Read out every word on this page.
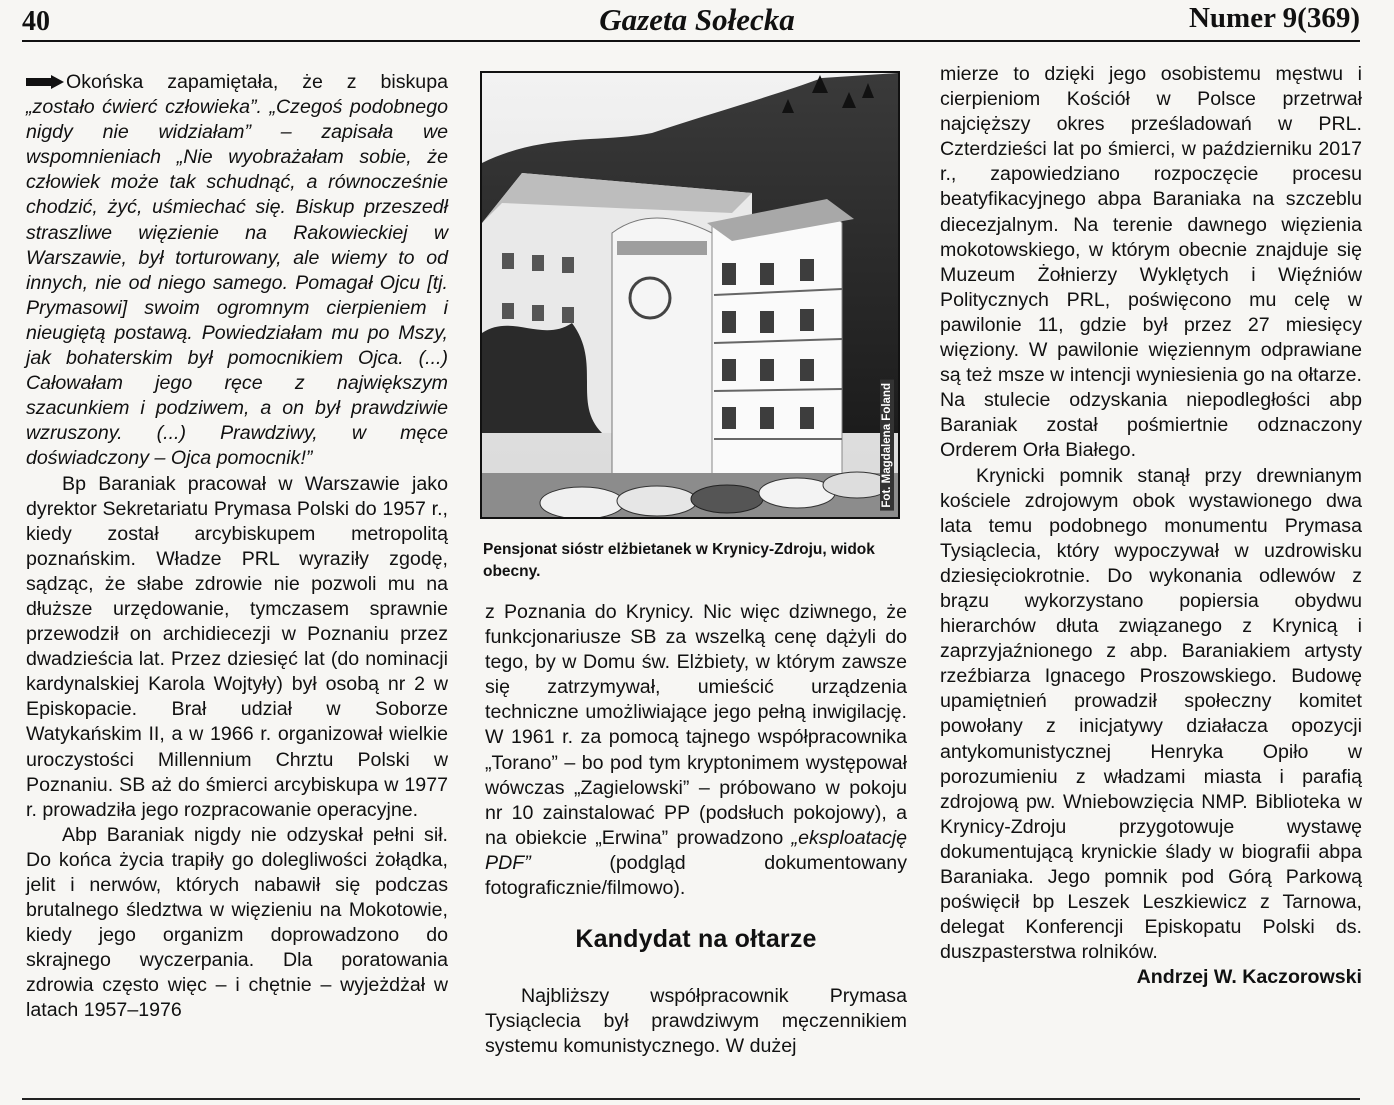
40	Gazeta Sołecka	Numer 9(369)

Okońska zapamiętała, że z biskupa „zostało ćwierć człowieka”. „Czegoś podobnego nigdy nie widziałam” – zapisała we wspomnieniach „Nie wyobrażałam sobie, że człowiek może tak schudnąć, a równocześnie chodzić, żyć, uśmiechać się. Biskup przeszedł straszliwe więzienie na Rakowieckiej w Warszawie, był torturowany, ale wiemy to od innych, nie od niego samego. Pomagał Ojcu [tj. Prymasowi] swoim ogromnym cierpieniem i nieugiętą postawą. Powiedziałam mu po Mszy, jak bohaterskim był pomocnikiem Ojca. (...) Całowałam jego ręce z największym szacunkiem i podziwem, a on był prawdziwie wzruszony. (...) Prawdziwy, w męce doświadczony – Ojca pomocnik!”

Bp Baraniak pracował w Warszawie jako dyrektor Sekretariatu Prymasa Polski do 1957 r., kiedy został arcybiskupem metropolitą poznańskim. Władze PRL wyraziły zgodę, sądząc, że słabe zdrowie nie pozwoli mu na dłuższe urzędowanie, tymczasem sprawnie przewodził on archidiecezji w Poznaniu przez dwadzieścia lat. Przez dziesięć lat (do nominacji kardynalskiej Karola Wojtyły) był osobą nr 2 w Episkopacie. Brał udział w Soborze Watykańskim II, a w 1966 r. organizował wielkie uroczystości Millennium Chrztu Polski w Poznaniu. SB aż do śmierci arcybiskupa w 1977 r. prowadziła jego rozpracowanie operacyjne.

Abp Baraniak nigdy nie odzyskał pełni sił. Do końca życia trapiły go dolegliwości żołądka, jelit i nerwów, których nabawił się podczas brutalnego śledztwa w więzieniu na Mokotowie, kiedy jego organizm doprowadzono do skrajnego wyczerpania. Dla poratowania zdrowia często więc – i chętnie – wyjeżdżał w latach 1957–1976

Fot. Magdalena Foland
Pensjonat sióstr elżbietanek w Krynicy-Zdroju, widok obecny.

z Poznania do Krynicy. Nic więc dziwnego, że funkcjonariusze SB za wszelką cenę dążyli do tego, by w Domu św. Elżbiety, w którym zawsze się zatrzymywał, umieścić urządzenia techniczne umożliwiające jego pełną inwigilację. W 1961 r. za pomocą tajnego współpracownika „Torano” – bo pod tym kryptonimem występował wówczas „Zagielowski” – próbowano w pokoju nr 10 zainstalować PP (podsłuch pokojowy), a na obiekcie „Erwina” prowadzono „eksploatację PDF” (podgląd dokumentowany fotograficznie/filmowo).

Kandydat na ołtarze

Najbliższy współpracownik Prymasa Tysiąclecia był prawdziwym męczennikiem systemu komunistycznego. W dużej

mierze to dzięki jego osobistemu męstwu i cierpieniom Kościół w Polsce przetrwał najcięższy okres prześladowań w PRL. Czterdzieści lat po śmierci, w październiku 2017 r., zapowiedziano rozpoczęcie procesu beatyfikacyjnego abpa Baraniaka na szczeblu diecezjalnym. Na terenie dawnego więzienia mokotowskiego, w którym obecnie znajduje się Muzeum Żołnierzy Wyklętych i Więźniów Politycznych PRL, poświęcono mu celę w pawilonie 11, gdzie był przez 27 miesięcy więziony. W pawilonie więziennym odprawiane są też msze w intencji wyniesienia go na ołtarze. Na stulecie odzyskania niepodległości abp Baraniak został pośmiertnie odznaczony Orderem Orła Białego.

Krynicki pomnik stanął przy drewnianym kościele zdrojowym obok wystawionego dwa lata temu podobnego monumentu Prymasa Tysiąclecia, który wypoczywał w uzdrowisku dziesięciokrotnie. Do wykonania odlewów z brązu wykorzystano popiersia obydwu hierarchów dłuta związanego z Krynicą i zaprzyjaźnionego z abp. Baraniakiem artysty rzeźbiarza Ignacego Proszowskiego. Budowę upamiętnień prowadził społeczny komitet powołany z inicjatywy działacza opozycji antykomunistycznej Henryka Opiło w porozumieniu z władzami miasta i parafią zdrojową pw. Wniebowzięcia NMP. Biblioteka w Krynicy-Zdroju przygotowuje wystawę dokumentującą krynickie ślady w biografii abpa Baraniaka. Jego pomnik pod Górą Parkową poświęcił bp Leszek Leszkiewicz z Tarnowa, delegat Konferencji Episkopatu Polski ds. duszpasterstwa rolników.

Andrzej W. Kaczorowski
